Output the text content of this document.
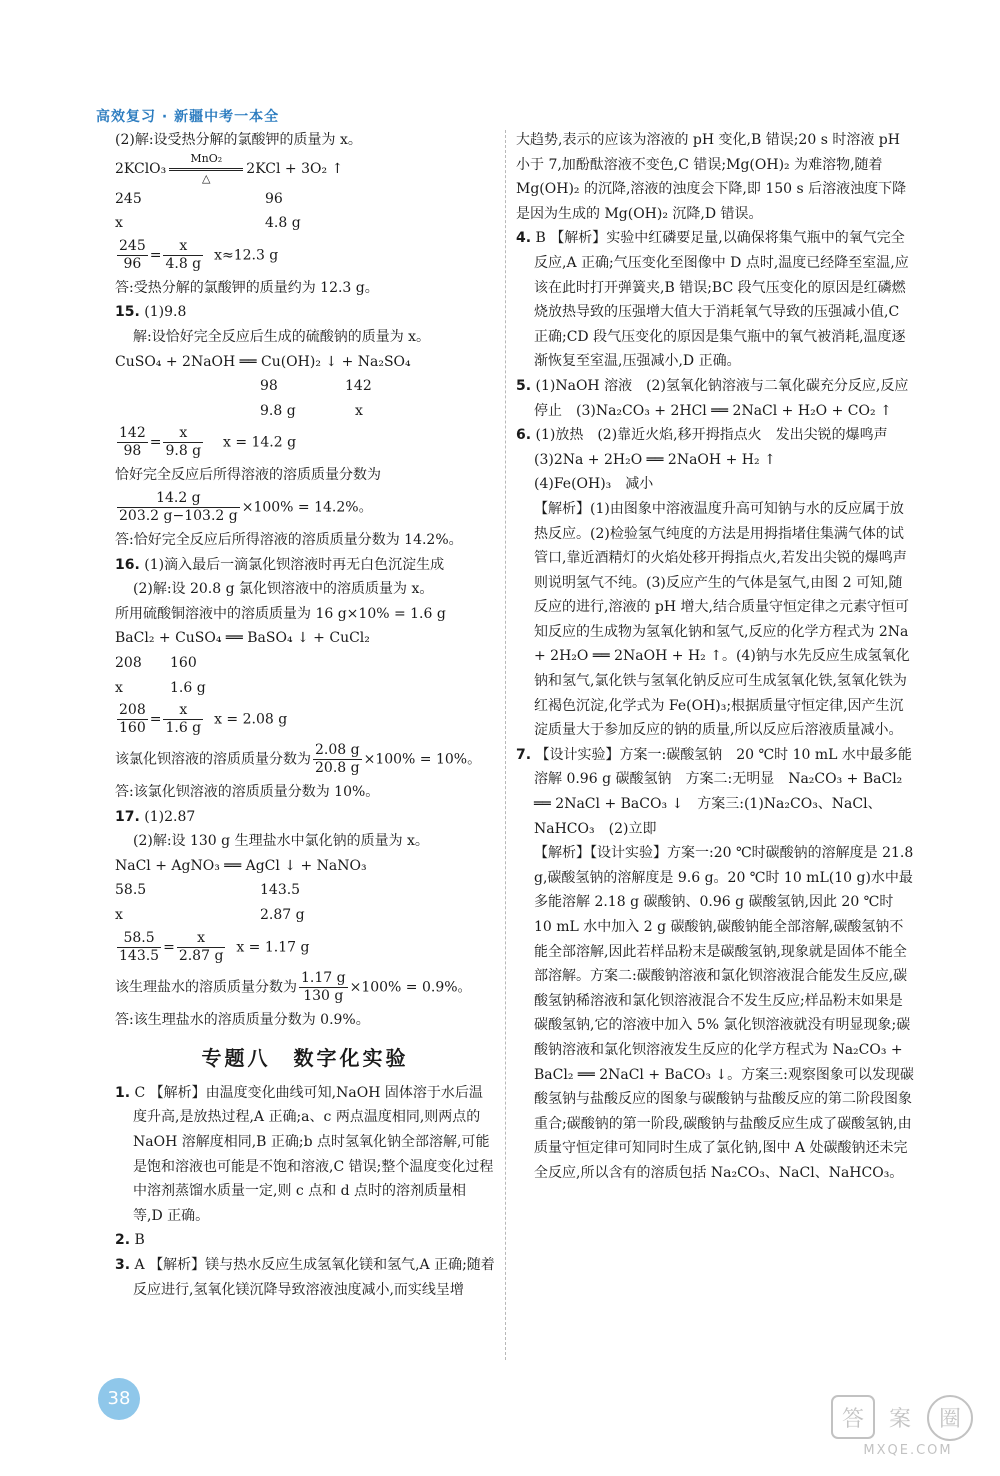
高效复习 · 新疆中考一本全
(2)解:设受热分解的氯酸钾的质量为 x。
2KClO₃
MnO₂
△
2KCl + 3O₂ ↑
245	96
x	4.8 g
$\frac{245}{96} = \frac{x}{4.8 g} x\approx 12.3$ g
答:受热分解的氯酸钾的质量约为 12.3 g。
15. (1)9.8
解:设恰好完全反应后生成的硫酸钠的质量为 x。
CuSO₄ + 2NaOH ══ Cu(OH)₂ ↓ + Na₂SO₄
98	142
9.8 g	x
$\frac{142}{98} = \frac{x}{9.8 g}$ x = 14.2 g
恰好完全反应后所得溶液的溶质质量分数为
$\frac{14.2 g}{203.2 g-103.2 g} \times 100\% = 14.2\%$。
答:恰好完全反应后所得溶液的溶质质量分数为 14.2%。
16. (1)滴入最后一滴氯化钡溶液时再无白色沉淀生成
(2)解:设 20.8 g 氯化钡溶液中的溶质质量为 x。
所用硫酸铜溶液中的溶质质量为 16 g×10% = 1.6 g
BaCl₂ + CuSO₄ ══ BaSO₄ ↓ + CuCl₂
208 160
x	1.6 g
$\frac{208}{160} = \frac{x}{1.6 g}$ x = 2.08 g
该氯化钡溶液的溶质质量分数为 $\frac{2.08 g}{20.8 g} \times 100\% = 10\%$。
答:该氯化钡溶液的溶质质量分数为 10%。
17. (1)2.87
(2)解:设 130 g 生理盐水中氯化钠的质量为 x。
NaCl + AgNO₃ ══ AgCl ↓ + NaNO₃
58.5	143.5
x	2.87 g
$\frac{58.5}{143.5} = \frac{x}{2.87 g}$ x = 1.17 g
该生理盐水的溶质质量分数为 $\frac{1.17 g}{130 g} \times 100\% = 0.9\%$。
答:该生理盐水的溶质质量分数为 0.9%。
专题八　数字化实验
1. C 【解析】由温度变化曲线可知,NaOH 固体溶于水后温度升高,是放热过程,A 正确;a、c 两点温度相同,则两点的 NaOH 溶解度相同,B 正确;b 点时氢氧化钠全部溶解,可能是饱和溶液也可能是不饱和溶液,C 错误;整个温度变化过程中溶剂蒸馏水质量一定,则 c 点和 d 点时的溶剂质量相等,D 正确。
2. B
3. A 【解析】镁与热水反应生成氢氧化镁和氢气,A 正确;随着反应进行,氢氧化镁沉降导致溶液浊度减小,而实线呈增
大趋势,表示的应该为溶液的 pH 变化,B 错误;20 s 时溶液 pH 小于 7,加酚酞溶液不变色,C 错误;Mg(OH)₂ 为难溶物,随着 Mg(OH)₂ 的沉降,溶液的浊度会下降,即 150 s 后溶液浊度下降是因为生成的 Mg(OH)₂ 沉降,D 错误。
4. B 【解析】实验中红磷要足量,以确保将集气瓶中的氧气完全反应,A 正确;气压变化至图像中 D 点时,温度已经降至室温,应该在此时打开弹簧夹,B 错误;BC 段气压变化的原因是红磷燃烧放热导致的压强增大值大于消耗氧气导致的压强减小值,C 正确;CD 段气压变化的原因是集气瓶中的氧气被消耗,温度逐渐恢复至室温,压强减小,D 正确。
5. (1)NaOH 溶液　(2)氢氧化钠溶液与二氧化碳充分反应,反应停止　(3)Na₂CO₃ + 2HCl ══ 2NaCl + H₂O + CO₂ ↑
6. (1)放热　(2)靠近火焰,移开拇指点火　发出尖锐的爆鸣声　(3)2Na + 2H₂O ══ 2NaOH + H₂ ↑
(4)Fe(OH)₃　减小
【解析】(1)由图象中溶液温度升高可知钠与水的反应属于放热反应。(2)检验氢气纯度的方法是用拇指堵住集满气体的试管口,靠近酒精灯的火焰处移开拇指点火,若发出尖锐的爆鸣声则说明氢气不纯。(3)反应产生的气体是氢气,由图 2 可知,随反应的进行,溶液的 pH 增大,结合质量守恒定律之元素守恒可知反应的生成物为氢氧化钠和氢气,反应的化学方程式为 2Na + 2H₂O ══ 2NaOH + H₂ ↑。(4)钠与水先反应生成氢氧化钠和氢气,氯化铁与氢氧化钠反应可生成氢氧化铁,氢氧化铁为红褐色沉淀,化学式为 Fe(OH)₃;根据质量守恒定律,因产生沉淀质量大于参加反应的钠的质量,所以反应后溶液质量减小。
7. 【设计实验】方案一:碳酸氢钠　20 ℃时 10 mL 水中最多能溶解 0.96 g 碳酸氢钠　方案二:无明显　Na₂CO₃ + BaCl₂ ══ 2NaCl + BaCO₃ ↓　方案三:(1)Na₂CO₃、NaCl、NaHCO₃　(2)立即
【解析】【设计实验】方案一:20 ℃时碳酸钠的溶解度是 21.8 g,碳酸氢钠的溶解度是 9.6 g。20 ℃时 10 mL(10 g)水中最多能溶解 2.18 g 碳酸钠、0.96 g 碳酸氢钠,因此 20 ℃时 10 mL 水中加入 2 g 碳酸钠,碳酸钠能全部溶解,碳酸氢钠不能全部溶解,因此若样品粉末是碳酸氢钠,现象就是固体不能全部溶解。方案二:碳酸钠溶液和氯化钡溶液混合能发生反应,碳酸氢钠稀溶液和氯化钡溶液混合不发生反应;样品粉末如果是碳酸氢钠,它的溶液中加入 5% 氯化钡溶液就没有明显现象;碳酸钠溶液和氯化钡溶液发生反应的化学方程式为 Na₂CO₃ + BaCl₂ ══ 2NaCl + BaCO₃ ↓。方案三:观察图象可以发现碳酸氢钠与盐酸反应的图象与碳酸钠与盐酸反应的第二阶段图象重合;碳酸钠的第一阶段,碳酸钠与盐酸反应生成了碳酸氢钠,由质量守恒定律可知同时生成了氯化钠,图中 A 处碳酸钠还未完全反应,所以含有的溶质包括 Na₂CO₃、NaCl、NaHCO₃。
38
答 案 圈
MXQE.COM
